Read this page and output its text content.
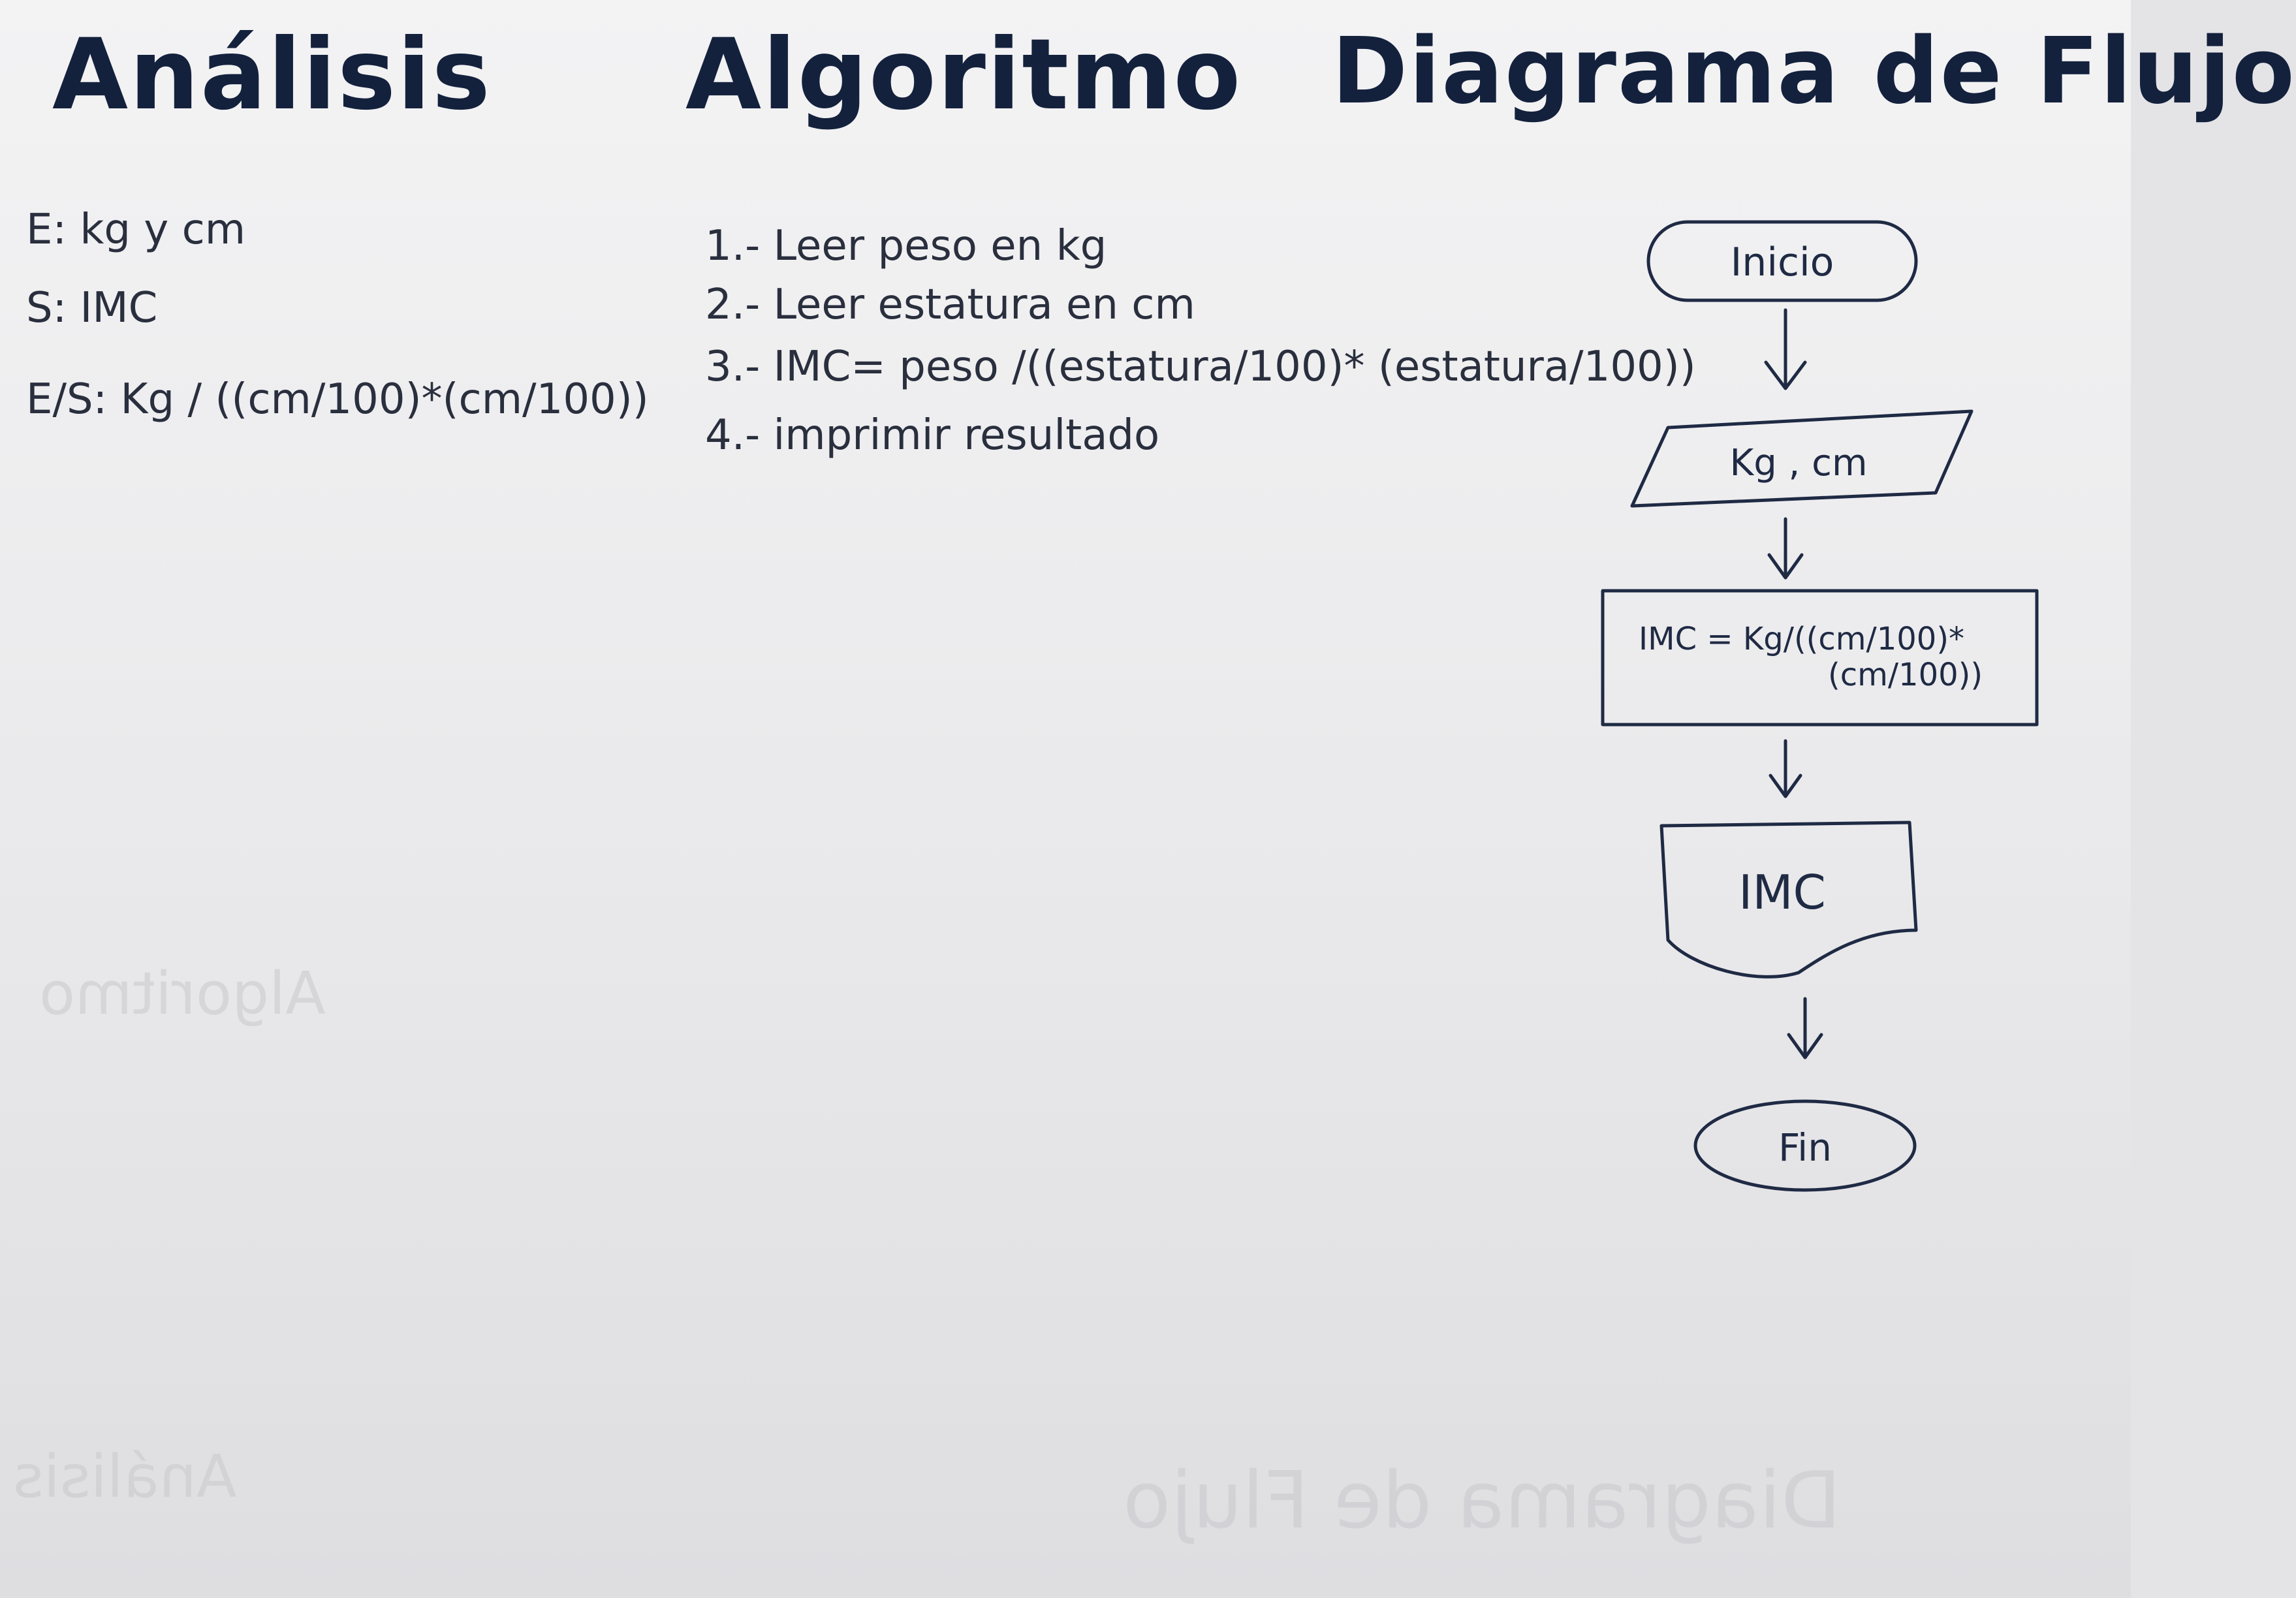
Algoritmo
Diagrama de Flujo
Análisis
Análisis Algoritmo Diagrama de Flujo

E: kg y cm

S: IMC

E/S: Kg / ((cm/100)*(cm/100))

1.- Leer peso en kg

2.- Leer estatura en cm

3.- IMC= peso /((estatura/100)* (estatura/100))

4.- imprimir resultado

Inicio
Kg , cm
IMC = Kg/((cm/100)*
(cm/100))
IMC
Fin
